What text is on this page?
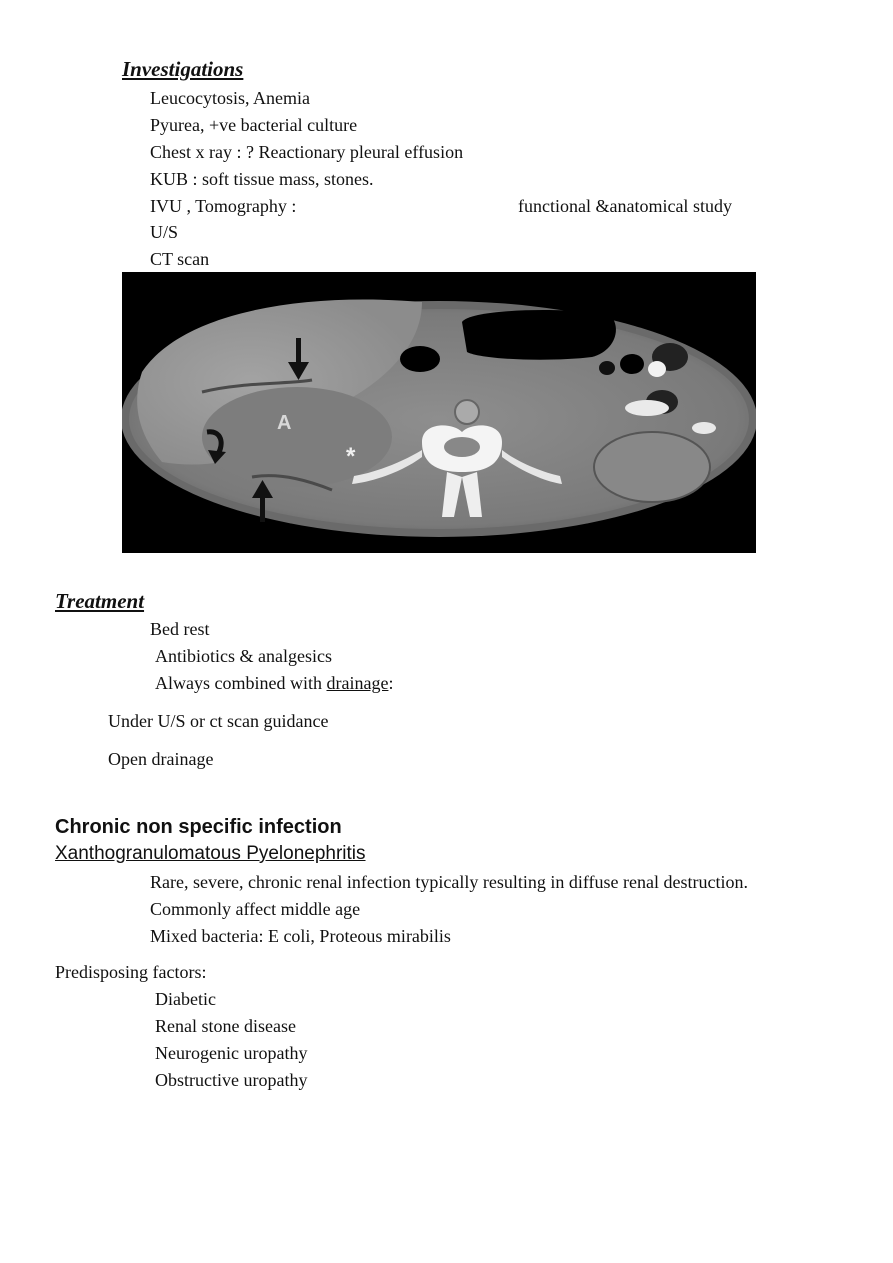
Investigations
Leucocytosis, Anemia
Pyurea, +ve bacterial culture
Chest x ray : ? Reactionary pleural effusion
KUB : soft tissue mass, stones.
IVU , Tomography :	functional &anatomical study
U/S
CT scan
A
*
Treatment
Bed rest
Antibiotics & analgesics
Always combined with drainage:
Under U/S or ct scan guidance
Open drainage
Chronic non specific infection
Xanthogranulomatous Pyelonephritis
Rare, severe, chronic renal infection typically resulting in diffuse renal destruction.
Commonly affect middle age
Mixed bacteria: E coli, Proteous mirabilis
Predisposing factors:
Diabetic
Renal stone disease
Neurogenic uropathy
Obstructive uropathy
